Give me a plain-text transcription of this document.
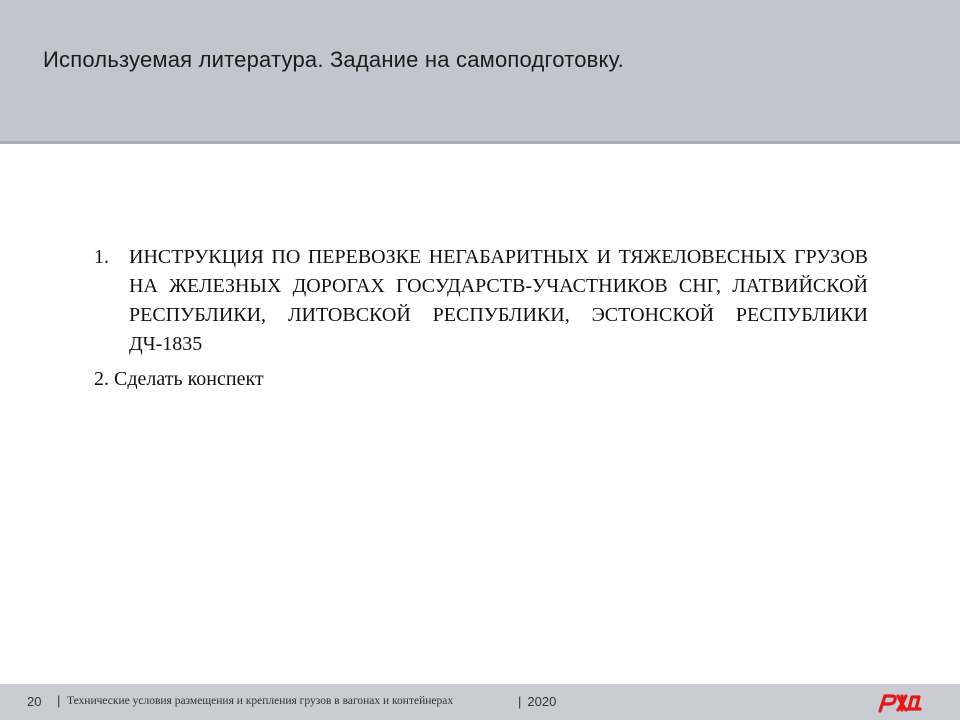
Используемая литература. Задание на самоподготовку.
1.	ИНСТРУКЦИЯ ПО ПЕРЕВОЗКЕ НЕГАБАРИТНЫХ И ТЯЖЕЛОВЕСНЫХ ГРУЗОВ НА ЖЕЛЕЗНЫХ ДОРОГАХ ГОСУДАРСТВ-УЧАСТНИКОВ СНГ, ЛАТВИЙСКОЙ РЕСПУБЛИКИ, ЛИТОВСКОЙ РЕСПУБЛИКИ, ЭСТОНСКОЙ РЕСПУБЛИКИ ДЧ-1835
2. Сделать конспект
20 | Технические условия размещения и крепления грузов в вагонах и контейнерах	| 2020
